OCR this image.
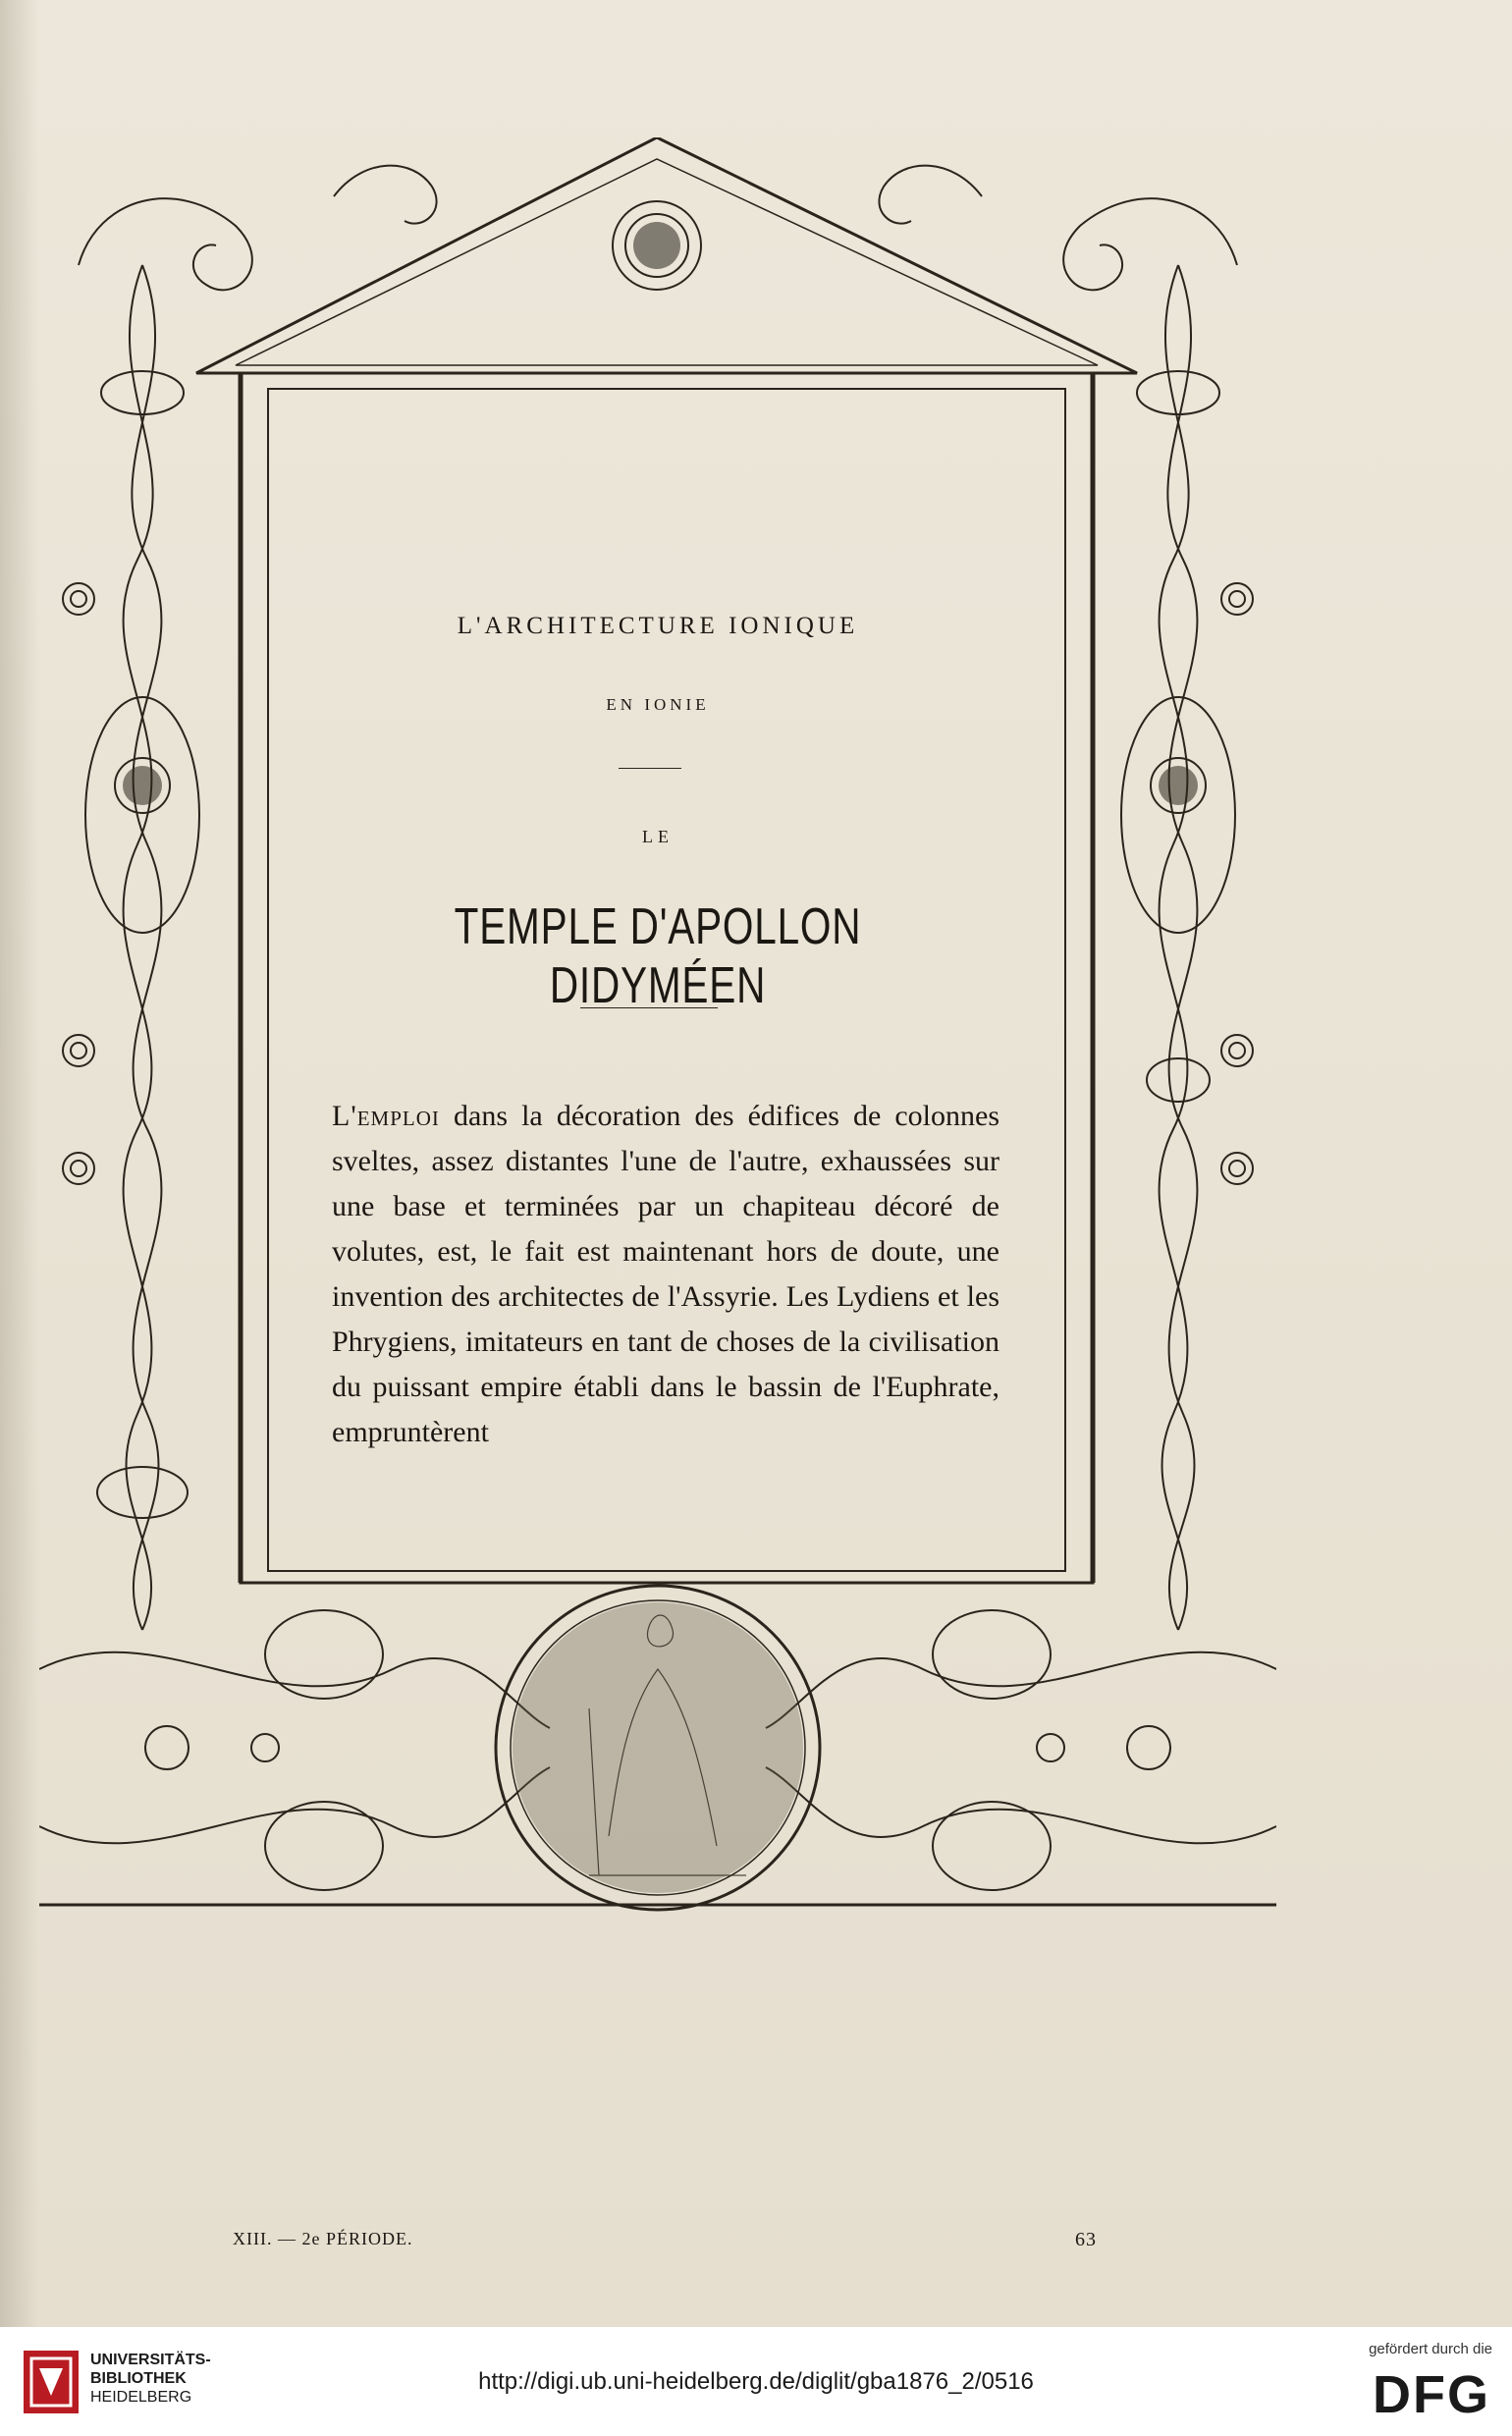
L'ARCHITECTURE IONIQUE
EN IONIE
LE
TEMPLE D'APOLLON DIDYMÉEN
L'emploi dans la décoration des édifices de colonnes sveltes, assez distantes l'une de l'autre, exhaussées sur une base et terminées par un chapiteau décoré de volutes, est, le fait est maintenant hors de doute, une invention des architectes de l'Assyrie. Les Lydiens et les Phrygiens, imitateurs en tant de choses de la civilisation du puissant empire établi dans le bassin de l'Euphrate, empruntèrent
XIII. — 2e PÉRIODE.	63
UNIVERSITÄTS-
BIBLIOTHEK
HEIDELBERG
http://digi.ub.uni-heidelberg.de/diglit/gba1876_2/0516
gefördert durch die
DFG
